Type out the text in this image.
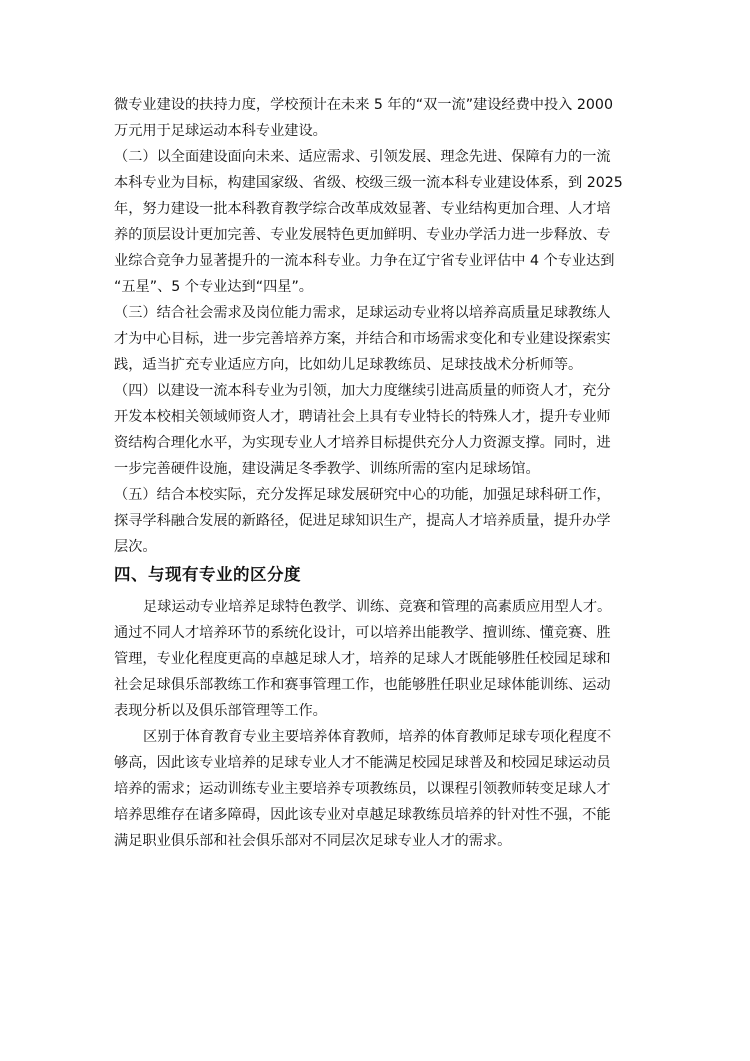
微专业建设的扶持力度，学校预计在未来 5 年的“双一流”建设经费中投入 2000
万元用于足球运动本科专业建设。
（二）以全面建设面向未来、适应需求、引领发展、理念先进、保障有力的一流
本科专业为目标，构建国家级、省级、校级三级一流本科专业建设体系，到 2025
年，努力建设一批本科教育教学综合改革成效显著、专业结构更加合理、人才培
养的顶层设计更加完善、专业发展特色更加鲜明、专业办学活力进一步释放、专
业综合竞争力显著提升的一流本科专业。力争在辽宁省专业评估中 4 个专业达到
“五星”、5 个专业达到“四星”。
（三）结合社会需求及岗位能力需求，足球运动专业将以培养高质量足球教练人
才为中心目标，进一步完善培养方案，并结合和市场需求变化和专业建设探索实
践，适当扩充专业适应方向，比如幼儿足球教练员、足球技战术分析师等。
（四）以建设一流本科专业为引领，加大力度继续引进高质量的师资人才，充分
开发本校相关领域师资人才，聘请社会上具有专业特长的特殊人才，提升专业师
资结构合理化水平，为实现专业人才培养目标提供充分人力资源支撑。同时，进
一步完善硬件设施，建设满足冬季教学、训练所需的室内足球场馆。
（五）结合本校实际，充分发挥足球发展研究中心的功能，加强足球科研工作，
探寻学科融合发展的新路径，促进足球知识生产，提高人才培养质量，提升办学
层次。
四、与现有专业的区分度
足球运动专业培养足球特色教学、训练、竞赛和管理的高素质应用型人才。
通过不同人才培养环节的系统化设计，可以培养出能教学、擅训练、懂竞赛、胜
管理，专业化程度更高的卓越足球人才，培养的足球人才既能够胜任校园足球和
社会足球俱乐部教练工作和赛事管理工作，也能够胜任职业足球体能训练、运动
表现分析以及俱乐部管理等工作。
区别于体育教育专业主要培养体育教师，培养的体育教师足球专项化程度不
够高，因此该专业培养的足球专业人才不能满足校园足球普及和校园足球运动员
培养的需求；运动训练专业主要培养专项教练员，以课程引领教师转变足球人才
培养思维存在诸多障碍，因此该专业对卓越足球教练员培养的针对性不强，不能
满足职业俱乐部和社会俱乐部对不同层次足球专业人才的需求。
